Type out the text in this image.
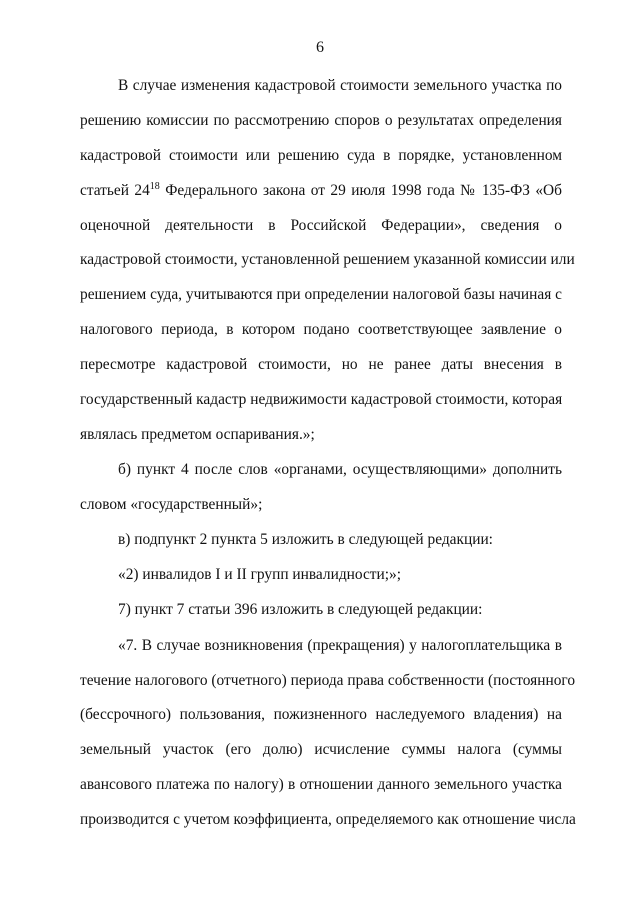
6
В случае изменения кадастровой стоимости земельного участка по
решению комиссии по рассмотрению споров о результатах определения
кадастровой стоимости или решению суда в порядке, установленном
статьей $24^{18}$ Федерального закона от 29 июля 1998 года № 135-ФЗ «Об
оценочной деятельности в Российской Федерации», сведения о
кадастровой стоимости, установленной решением указанной комиссии или
решением суда, учитываются при определении налоговой базы начиная с
налогового периода, в котором подано соответствующее заявление о
пересмотре кадастровой стоимости, но не ранее даты внесения в
государственный кадастр недвижимости кадастровой стоимости, которая
являлась предметом оспаривания.»;
б) пункт 4 после слов «органами, осуществляющими» дополнить
словом «государственный»;
в) подпункт 2 пункта 5 изложить в следующей редакции:
«2) инвалидов I и II групп инвалидности;»;
7) пункт 7 статьи 396 изложить в следующей редакции:
«7. В случае возникновения (прекращения) у налогоплательщика в
течение налогового (отчетного) периода права собственности (постоянного
(бессрочного) пользования, пожизненного наследуемого владения) на
земельный участок (его долю) исчисление суммы налога (суммы
авансового платежа по налогу) в отношении данного земельного участка
производится с учетом коэффициента, определяемого как отношение числа
